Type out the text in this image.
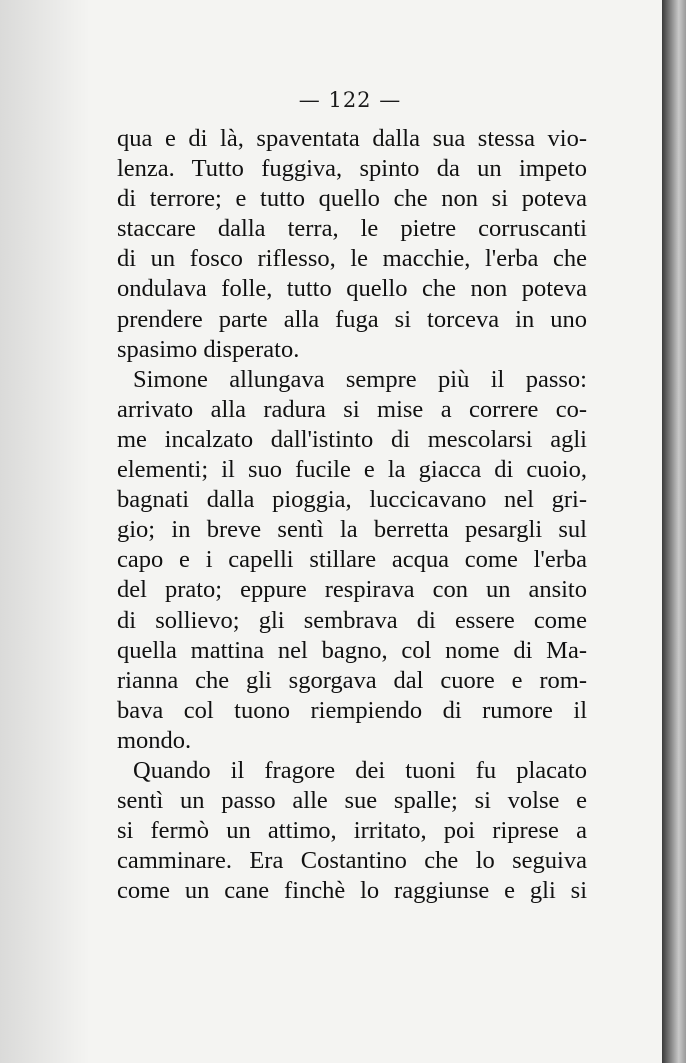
— 122 —
qua e di là, spaventata dalla sua stessa vio-
lenza. Tutto fuggiva, spinto da un impeto
di terrore; e tutto quello che non si poteva
staccare dalla terra, le pietre corruscanti
di un fosco riflesso, le macchie, l'erba che
ondulava folle, tutto quello che non poteva
prendere parte alla fuga si torceva in uno
spasimo disperato.
Simone allungava sempre più il passo:
arrivato alla radura si mise a correre co-
me incalzato dall'istinto di mescolarsi agli
elementi; il suo fucile e la giacca di cuoio,
bagnati dalla pioggia, luccicavano nel gri-
gio; in breve sentì la berretta pesargli sul
capo e i capelli stillare acqua come l'erba
del prato; eppure respirava con un ansito
di sollievo; gli sembrava di essere come
quella mattina nel bagno, col nome di Ma-
rianna che gli sgorgava dal cuore e rom-
bava col tuono riempiendo di rumore il
mondo.
Quando il fragore dei tuoni fu placato
sentì un passo alle sue spalle; si volse e
si fermò un attimo, irritato, poi riprese a
camminare. Era Costantino che lo seguiva
come un cane finchè lo raggiunse e gli si
